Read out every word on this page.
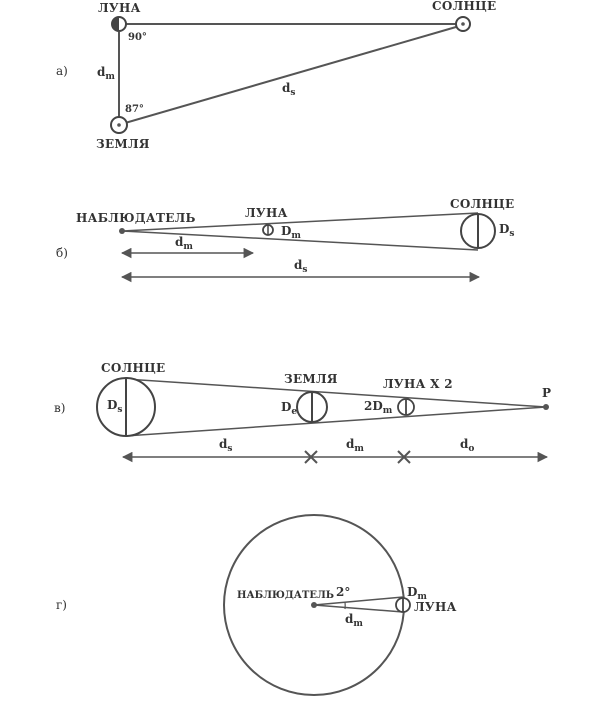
а)
ЛУНА	СОЛНЦЕ
ЗЕМЛЯ
90°
87°
$d_m$
$d_s$
б)
НАБЛЮДАТЕЛЬ	ЛУНА
СОЛНЦЕ
$D_m$	$D_s$
$d_m$
$d_s$
в)
СОЛНЦЕ
ЗЕМЛЯ	ЛУНА X 2
P
$D_s$	$D_e$	$2D_m$
$d_s$	$d_m$	$d_o$
г)
НАБЛЮДАТЕЛЬ 2°	$D_m$
ЛУНА
$d_m$
